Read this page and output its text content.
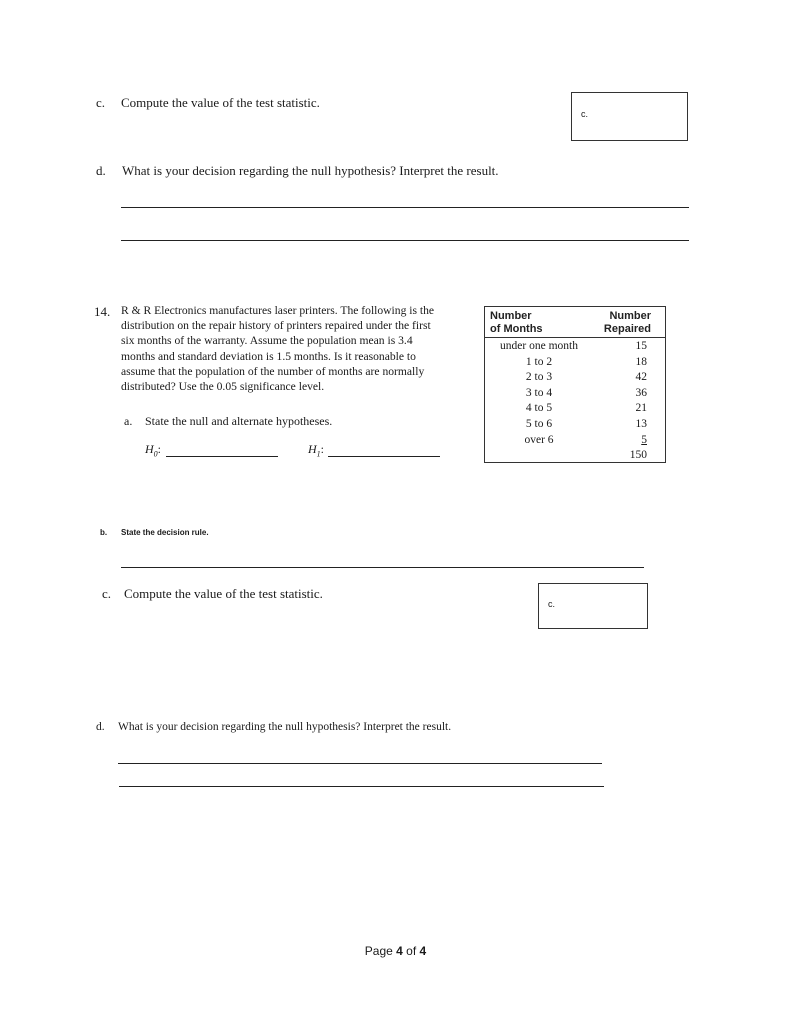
c. Compute the value of the test statistic.
c.
d. What is your decision regarding the null hypothesis? Interpret the result.
14. R & R Electronics manufactures laser printers. The following is the
distribution on the repair history of printers repaired under the first
six months of the warranty. Assume the population mean is 3.4
months and standard deviation is 1.5 months. Is it reasonable to
assume that the population of the number of months are normally
distributed? Use the 0.05 significance level.
a. State the null and alternate hypotheses.
$H_0$:	$H_1$:
Number
of Months
Number
Repaired
under one month
1 to 2
2 to 3
3 to 4
4 to 5
5 to 6
over 6
15
18
42
36
21
13
5
150
b. State the decision rule.
c. Compute the value of the test statistic.
c.
d. What is your decision regarding the null hypothesis? Interpret the result.
Page 4 of 4
